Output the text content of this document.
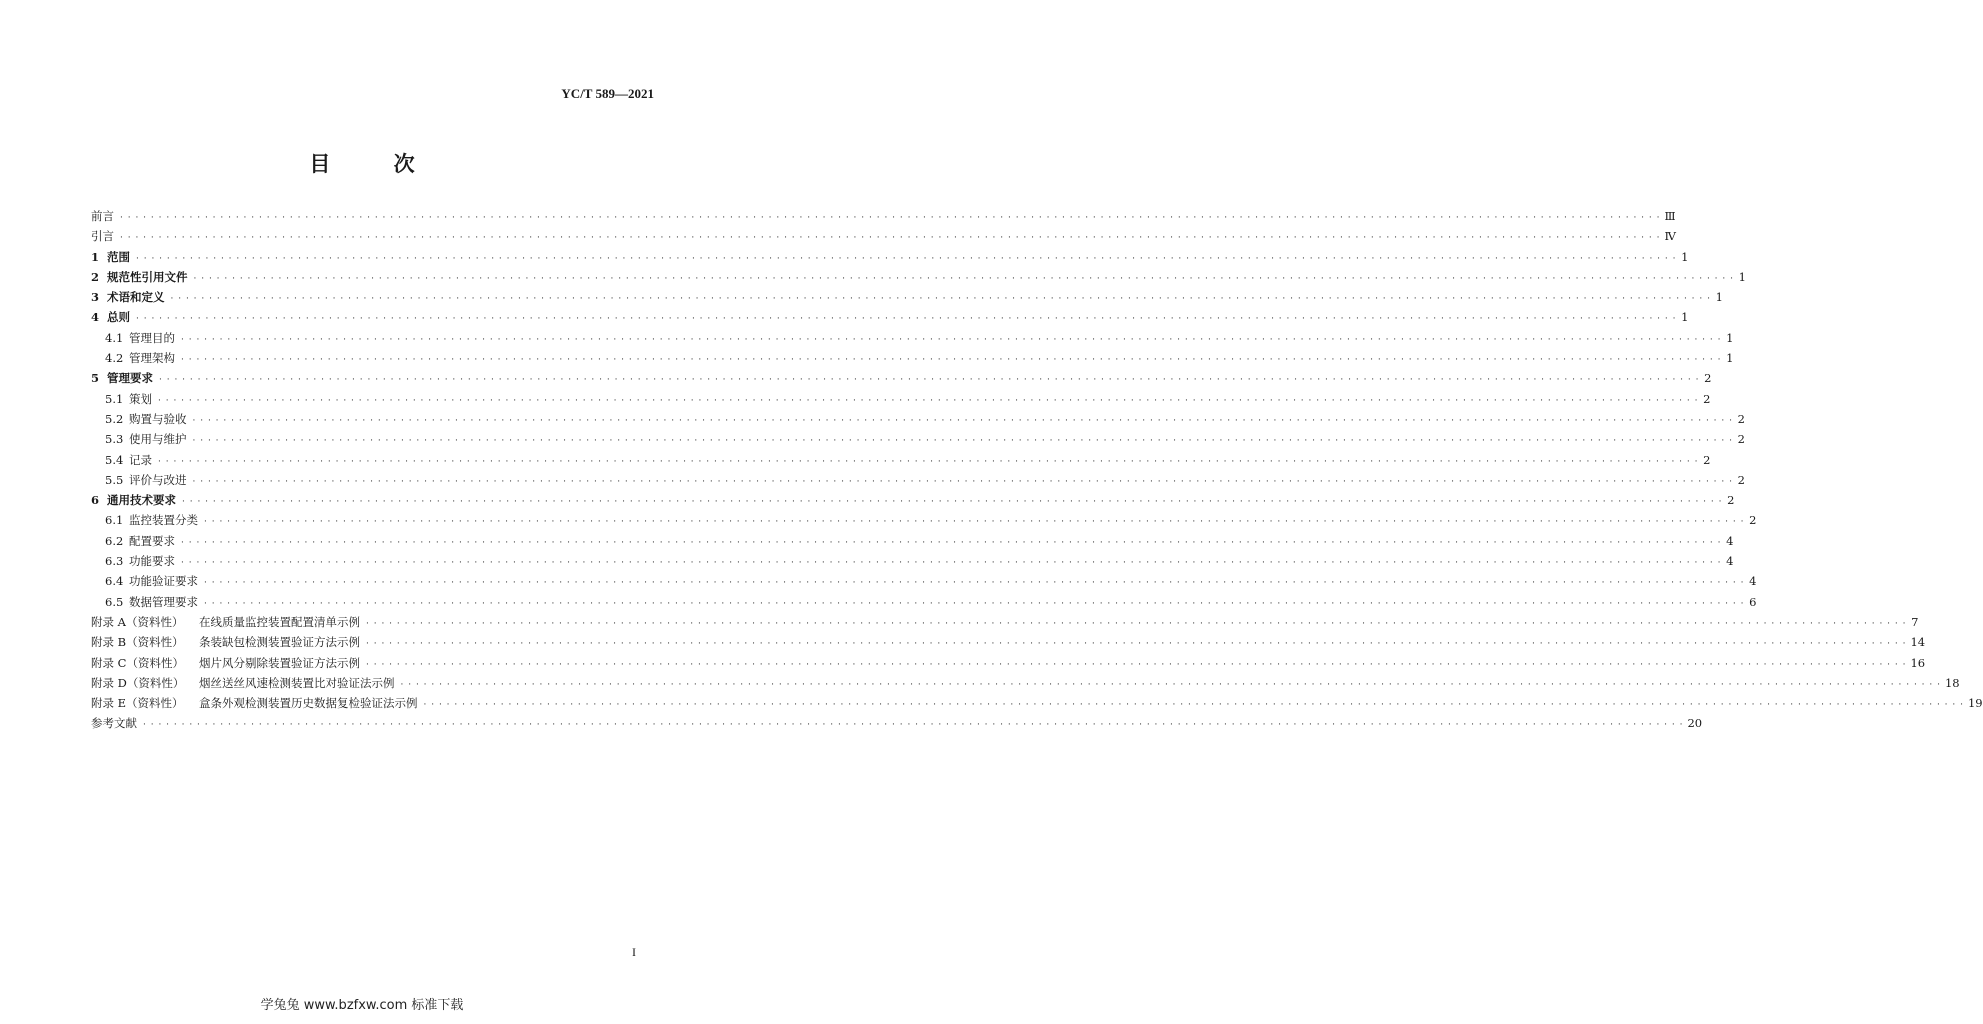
YC/T 589—2021
目 次
前言 · · · · · · · · · · · · · · · · · · · · · · · · · · · · · · · · · · · · · · · · · · · · · · · · · · · · · · · · · · · · · · · · · · · · · · · · · · · · · · · · · · · · · · · · · · · · · · · · · · · · · · · · · · · · · · · · · · · · · · · · · · · · · · · · · · · · · · · · · · · · · · · · · · · · · · · · · · · · · · · · · · · · · · · · · · · · · · · · · · · · · · · · · · · · · · · · · · · · · · · · Ⅲ
引言 · · · · · · · · · · · · · · · · · · · · · · · · · · · · · · · · · · · · · · · · · · · · · · · · · · · · · · · · · · · · · · · · · · · · · · · · · · · · · · · · · · · · · · · · · · · · · · · · · · · · · · · · · · · · · · · · · · · · · · · · · · · · · · · · · · · · · · · · · · · · · · · · · · · · · · · · · · · · · · · · · · · · · · · · · · · · · · · · · · · · · · · · · · · · · · · · · · · · · · · · Ⅳ
1 范围 · · · · · · · · · · · · · · · · · · · · · · · · · · · · · · · · · · · · · · · · · · · · · · · · · · · · · · · · · · · · · · · · · · · · · · · · · · · · · · · · · · · · · · · · · · · · · · · · · · · · · · · · · · · · · · · · · · · · · · · · · · · · · · · · · · · · · · · · · · · · · · · · · · · · · · · · · · · · · · · · · · · · · · · · · · · · · · · · · · · · · · · · · · · · · · · · · · · · · · · · 1
2 规范性引用文件 · · · · · · · · · · · · · · · · · · · · · · · · · · · · · · · · · · · · · · · · · · · · · · · · · · · · · · · · · · · · · · · · · · · · · · · · · · · · · · · · · · · · · · · · · · · · · · · · · · · · · · · · · · · · · · · · · · · · · · · · · · · · · · · · · · · · · · · · · · · · · · · · · · · · · · · · · · · · · · · · · · · · · · · · · · · · · · · · · · · · · · · · · · · · · · · · · · · · · · · · 1
3 术语和定义 · · · · · · · · · · · · · · · · · · · · · · · · · · · · · · · · · · · · · · · · · · · · · · · · · · · · · · · · · · · · · · · · · · · · · · · · · · · · · · · · · · · · · · · · · · · · · · · · · · · · · · · · · · · · · · · · · · · · · · · · · · · · · · · · · · · · · · · · · · · · · · · · · · · · · · · · · · · · · · · · · · · · · · · · · · · · · · · · · · · · · · · · · · · · · · · · · · · · · · · · 1
4 总则 · · · · · · · · · · · · · · · · · · · · · · · · · · · · · · · · · · · · · · · · · · · · · · · · · · · · · · · · · · · · · · · · · · · · · · · · · · · · · · · · · · · · · · · · · · · · · · · · · · · · · · · · · · · · · · · · · · · · · · · · · · · · · · · · · · · · · · · · · · · · · · · · · · · · · · · · · · · · · · · · · · · · · · · · · · · · · · · · · · · · · · · · · · · · · · · · · · · · · · · · 1
4.1 管理目的 · · · · · · · · · · · · · · · · · · · · · · · · · · · · · · · · · · · · · · · · · · · · · · · · · · · · · · · · · · · · · · · · · · · · · · · · · · · · · · · · · · · · · · · · · · · · · · · · · · · · · · · · · · · · · · · · · · · · · · · · · · · · · · · · · · · · · · · · · · · · · · · · · · · · · · · · · · · · · · · · · · · · · · · · · · · · · · · · · · · · · · · · · · · · · · · · · · · · · · · · 1
4.2 管理架构 · · · · · · · · · · · · · · · · · · · · · · · · · · · · · · · · · · · · · · · · · · · · · · · · · · · · · · · · · · · · · · · · · · · · · · · · · · · · · · · · · · · · · · · · · · · · · · · · · · · · · · · · · · · · · · · · · · · · · · · · · · · · · · · · · · · · · · · · · · · · · · · · · · · · · · · · · · · · · · · · · · · · · · · · · · · · · · · · · · · · · · · · · · · · · · · · · · · · · · · · 1
5 管理要求 · · · · · · · · · · · · · · · · · · · · · · · · · · · · · · · · · · · · · · · · · · · · · · · · · · · · · · · · · · · · · · · · · · · · · · · · · · · · · · · · · · · · · · · · · · · · · · · · · · · · · · · · · · · · · · · · · · · · · · · · · · · · · · · · · · · · · · · · · · · · · · · · · · · · · · · · · · · · · · · · · · · · · · · · · · · · · · · · · · · · · · · · · · · · · · · · · · · · · · · · 2
5.1 策划 · · · · · · · · · · · · · · · · · · · · · · · · · · · · · · · · · · · · · · · · · · · · · · · · · · · · · · · · · · · · · · · · · · · · · · · · · · · · · · · · · · · · · · · · · · · · · · · · · · · · · · · · · · · · · · · · · · · · · · · · · · · · · · · · · · · · · · · · · · · · · · · · · · · · · · · · · · · · · · · · · · · · · · · · · · · · · · · · · · · · · · · · · · · · · · · · · · · · · · · · 2
5.2 购置与验收 · · · · · · · · · · · · · · · · · · · · · · · · · · · · · · · · · · · · · · · · · · · · · · · · · · · · · · · · · · · · · · · · · · · · · · · · · · · · · · · · · · · · · · · · · · · · · · · · · · · · · · · · · · · · · · · · · · · · · · · · · · · · · · · · · · · · · · · · · · · · · · · · · · · · · · · · · · · · · · · · · · · · · · · · · · · · · · · · · · · · · · · · · · · · · · · · · · · · · · · · 2
5.3 使用与维护 · · · · · · · · · · · · · · · · · · · · · · · · · · · · · · · · · · · · · · · · · · · · · · · · · · · · · · · · · · · · · · · · · · · · · · · · · · · · · · · · · · · · · · · · · · · · · · · · · · · · · · · · · · · · · · · · · · · · · · · · · · · · · · · · · · · · · · · · · · · · · · · · · · · · · · · · · · · · · · · · · · · · · · · · · · · · · · · · · · · · · · · · · · · · · · · · · · · · · · · · 2
5.4 记录 · · · · · · · · · · · · · · · · · · · · · · · · · · · · · · · · · · · · · · · · · · · · · · · · · · · · · · · · · · · · · · · · · · · · · · · · · · · · · · · · · · · · · · · · · · · · · · · · · · · · · · · · · · · · · · · · · · · · · · · · · · · · · · · · · · · · · · · · · · · · · · · · · · · · · · · · · · · · · · · · · · · · · · · · · · · · · · · · · · · · · · · · · · · · · · · · · · · · · · · · 2
5.5 评价与改进 · · · · · · · · · · · · · · · · · · · · · · · · · · · · · · · · · · · · · · · · · · · · · · · · · · · · · · · · · · · · · · · · · · · · · · · · · · · · · · · · · · · · · · · · · · · · · · · · · · · · · · · · · · · · · · · · · · · · · · · · · · · · · · · · · · · · · · · · · · · · · · · · · · · · · · · · · · · · · · · · · · · · · · · · · · · · · · · · · · · · · · · · · · · · · · · · · · · · · · · · 2
6 通用技术要求 · · · · · · · · · · · · · · · · · · · · · · · · · · · · · · · · · · · · · · · · · · · · · · · · · · · · · · · · · · · · · · · · · · · · · · · · · · · · · · · · · · · · · · · · · · · · · · · · · · · · · · · · · · · · · · · · · · · · · · · · · · · · · · · · · · · · · · · · · · · · · · · · · · · · · · · · · · · · · · · · · · · · · · · · · · · · · · · · · · · · · · · · · · · · · · · · · · · · · · · · 2
6.1 监控装置分类 · · · · · · · · · · · · · · · · · · · · · · · · · · · · · · · · · · · · · · · · · · · · · · · · · · · · · · · · · · · · · · · · · · · · · · · · · · · · · · · · · · · · · · · · · · · · · · · · · · · · · · · · · · · · · · · · · · · · · · · · · · · · · · · · · · · · · · · · · · · · · · · · · · · · · · · · · · · · · · · · · · · · · · · · · · · · · · · · · · · · · · · · · · · · · · · · · · · · · · · · 2
6.2 配置要求 · · · · · · · · · · · · · · · · · · · · · · · · · · · · · · · · · · · · · · · · · · · · · · · · · · · · · · · · · · · · · · · · · · · · · · · · · · · · · · · · · · · · · · · · · · · · · · · · · · · · · · · · · · · · · · · · · · · · · · · · · · · · · · · · · · · · · · · · · · · · · · · · · · · · · · · · · · · · · · · · · · · · · · · · · · · · · · · · · · · · · · · · · · · · · · · · · · · · · · · · 4
6.3 功能要求 · · · · · · · · · · · · · · · · · · · · · · · · · · · · · · · · · · · · · · · · · · · · · · · · · · · · · · · · · · · · · · · · · · · · · · · · · · · · · · · · · · · · · · · · · · · · · · · · · · · · · · · · · · · · · · · · · · · · · · · · · · · · · · · · · · · · · · · · · · · · · · · · · · · · · · · · · · · · · · · · · · · · · · · · · · · · · · · · · · · · · · · · · · · · · · · · · · · · · · · · 4
6.4 功能验证要求 · · · · · · · · · · · · · · · · · · · · · · · · · · · · · · · · · · · · · · · · · · · · · · · · · · · · · · · · · · · · · · · · · · · · · · · · · · · · · · · · · · · · · · · · · · · · · · · · · · · · · · · · · · · · · · · · · · · · · · · · · · · · · · · · · · · · · · · · · · · · · · · · · · · · · · · · · · · · · · · · · · · · · · · · · · · · · · · · · · · · · · · · · · · · · · · · · · · · · · · · 4
6.5 数据管理要求 · · · · · · · · · · · · · · · · · · · · · · · · · · · · · · · · · · · · · · · · · · · · · · · · · · · · · · · · · · · · · · · · · · · · · · · · · · · · · · · · · · · · · · · · · · · · · · · · · · · · · · · · · · · · · · · · · · · · · · · · · · · · · · · · · · · · · · · · · · · · · · · · · · · · · · · · · · · · · · · · · · · · · · · · · · · · · · · · · · · · · · · · · · · · · · · · · · · · · · · · 6
附录 A（资料性） 在线质量监控装置配置清单示例 · · · · · · · · · · · · · · · · · · · · · · · · · · · · · · · · · · · · · · · · · · · · · · · · · · · · · · · · · · · · · · · · · · · · · · · · · · · · · · · · · · · · · · · · · · · · · · · · · · · · · · · · · · · · · · · · · · · · · · · · · · · · · · · · · · · · · · · · · · · · · · · · · · · · · · · · · · · · · · · · · · · · · · · · · · · · · · · · · · · · · · · · · · · · · · · · · · · · · · · · 7
附录 B（资料性） 条装缺包检测装置验证方法示例 · · · · · · · · · · · · · · · · · · · · · · · · · · · · · · · · · · · · · · · · · · · · · · · · · · · · · · · · · · · · · · · · · · · · · · · · · · · · · · · · · · · · · · · · · · · · · · · · · · · · · · · · · · · · · · · · · · · · · · · · · · · · · · · · · · · · · · · · · · · · · · · · · · · · · · · · · · · · · · · · · · · · · · · · · · · · · · · · · · · · · · · · · · · · · · · · · · · · · · · · 14
附录 C（资料性） 烟片风分剔除装置验证方法示例 · · · · · · · · · · · · · · · · · · · · · · · · · · · · · · · · · · · · · · · · · · · · · · · · · · · · · · · · · · · · · · · · · · · · · · · · · · · · · · · · · · · · · · · · · · · · · · · · · · · · · · · · · · · · · · · · · · · · · · · · · · · · · · · · · · · · · · · · · · · · · · · · · · · · · · · · · · · · · · · · · · · · · · · · · · · · · · · · · · · · · · · · · · · · · · · · · · · · · · · · 16
附录 D（资料性） 烟丝送丝风速检测装置比对验证法示例 · · · · · · · · · · · · · · · · · · · · · · · · · · · · · · · · · · · · · · · · · · · · · · · · · · · · · · · · · · · · · · · · · · · · · · · · · · · · · · · · · · · · · · · · · · · · · · · · · · · · · · · · · · · · · · · · · · · · · · · · · · · · · · · · · · · · · · · · · · · · · · · · · · · · · · · · · · · · · · · · · · · · · · · · · · · · · · · · · · · · · · · · · · · · · · · · · · · · · · · · 18
附录 E（资料性） 盒条外观检测装置历史数据复检验证法示例 · · · · · · · · · · · · · · · · · · · · · · · · · · · · · · · · · · · · · · · · · · · · · · · · · · · · · · · · · · · · · · · · · · · · · · · · · · · · · · · · · · · · · · · · · · · · · · · · · · · · · · · · · · · · · · · · · · · · · · · · · · · · · · · · · · · · · · · · · · · · · · · · · · · · · · · · · · · · · · · · · · · · · · · · · · · · · · · · · · · · · · · · · · · · · · · · · · · · · · · · 19
参考文献 · · · · · · · · · · · · · · · · · · · · · · · · · · · · · · · · · · · · · · · · · · · · · · · · · · · · · · · · · · · · · · · · · · · · · · · · · · · · · · · · · · · · · · · · · · · · · · · · · · · · · · · · · · · · · · · · · · · · · · · · · · · · · · · · · · · · · · · · · · · · · · · · · · · · · · · · · · · · · · · · · · · · · · · · · · · · · · · · · · · · · · · · · · · · · · · · · · · · · · · · 20
I
学兔兔 www.bzfxw.com 标准下载
